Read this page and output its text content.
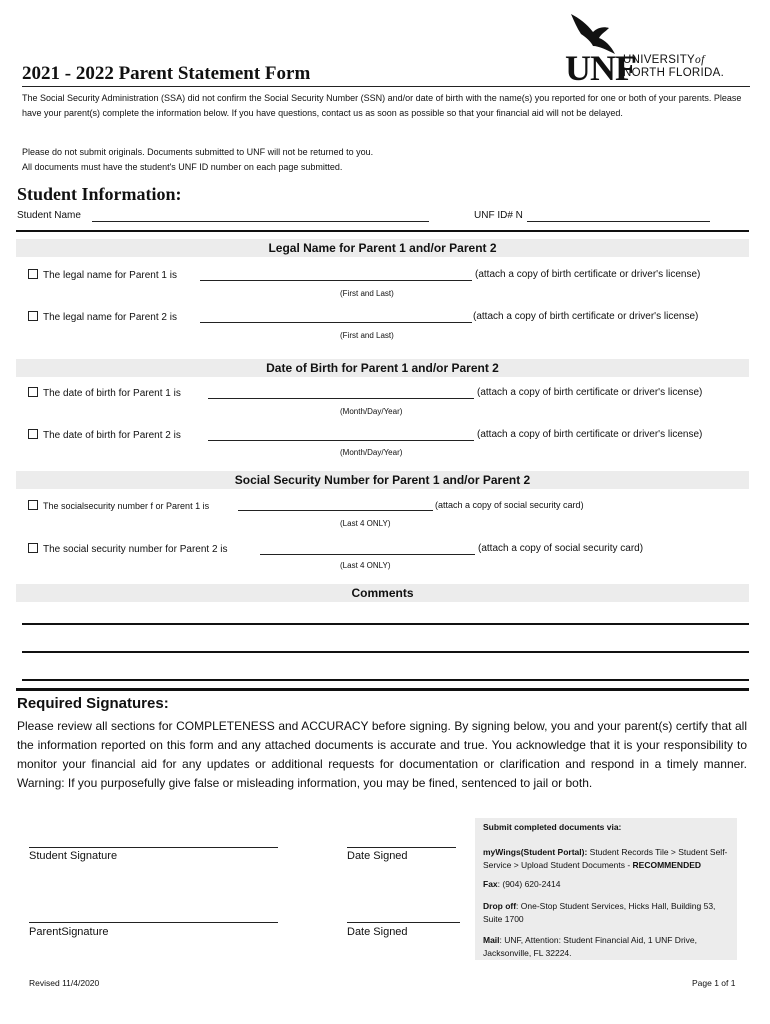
2021 - 2022 Parent Statement Form	UNF
UNIVERSITYof
NORTH FLORIDA.
The Social Security Administration (SSA) did not confirm the Social Security Number (SSN) and/or date of birth with the name(s) you reported for one or both of your parents. Please have your parent(s) complete the information below. If you have questions, contact us as soon as possible so that your financial aid will not be delayed.
Please do not submit originals. Documents submitted to UNF will not be returned to you.
All documents must have the student's UNF ID number on each page submitted.
Student Information:
Student Name	UNF ID# N
Legal Name for Parent 1 and/or Parent 2
The legal name for Parent 1 is	(attach a copy of birth certificate or driver's license)
(First and Last)
The legal name for Parent 2 is	(attach a copy of birth certificate or driver's license)
(First and Last)
Date of Birth for Parent 1 and/or Parent 2
The date of birth for Parent 1 is	(attach a copy of birth certificate or driver's license)
(Month/Day/Year)
The date of birth for Parent 2 is	(attach a copy of birth certificate or driver's license)
(Month/Day/Year)
Social Security Number for Parent 1 and/or Parent 2
The socialsecurity number f or Parent 1 is	(attach a copy of social security card)
(Last 4 ONLY)
The social security number for Parent 2 is	(attach a copy of social security card)
(Last 4 ONLY)
Comments
Required Signatures:
Please review all sections for COMPLETENESS and ACCURACY before signing. By signing below, you and your parent(s) certify that all the information reported on this form and any attached documents is accurate and true. You acknowledge that it is your responsibility to monitor your financial aid for any updates or additional requests for documentation or clarification and respond in a timely manner. Warning: If you purposefully give false or misleading information, you may be fined, sentenced to jail or both.
Student Signature	Date Signed
ParentSignature	Date Signed
Submit completed documents via:
myWings(Student Portal): Student Records Tile > Student Self- Service > Upload Student Documents - RECOMMENDED
Fax: (904) 620-2414
Drop off: One-Stop Student Services, Hicks Hall, Building 53, Suite 1700
Mail: UNF, Attention: Student Financial Aid, 1 UNF Drive, Jacksonville, FL 32224.
Revised 11/4/2020	Page 1 of 1
